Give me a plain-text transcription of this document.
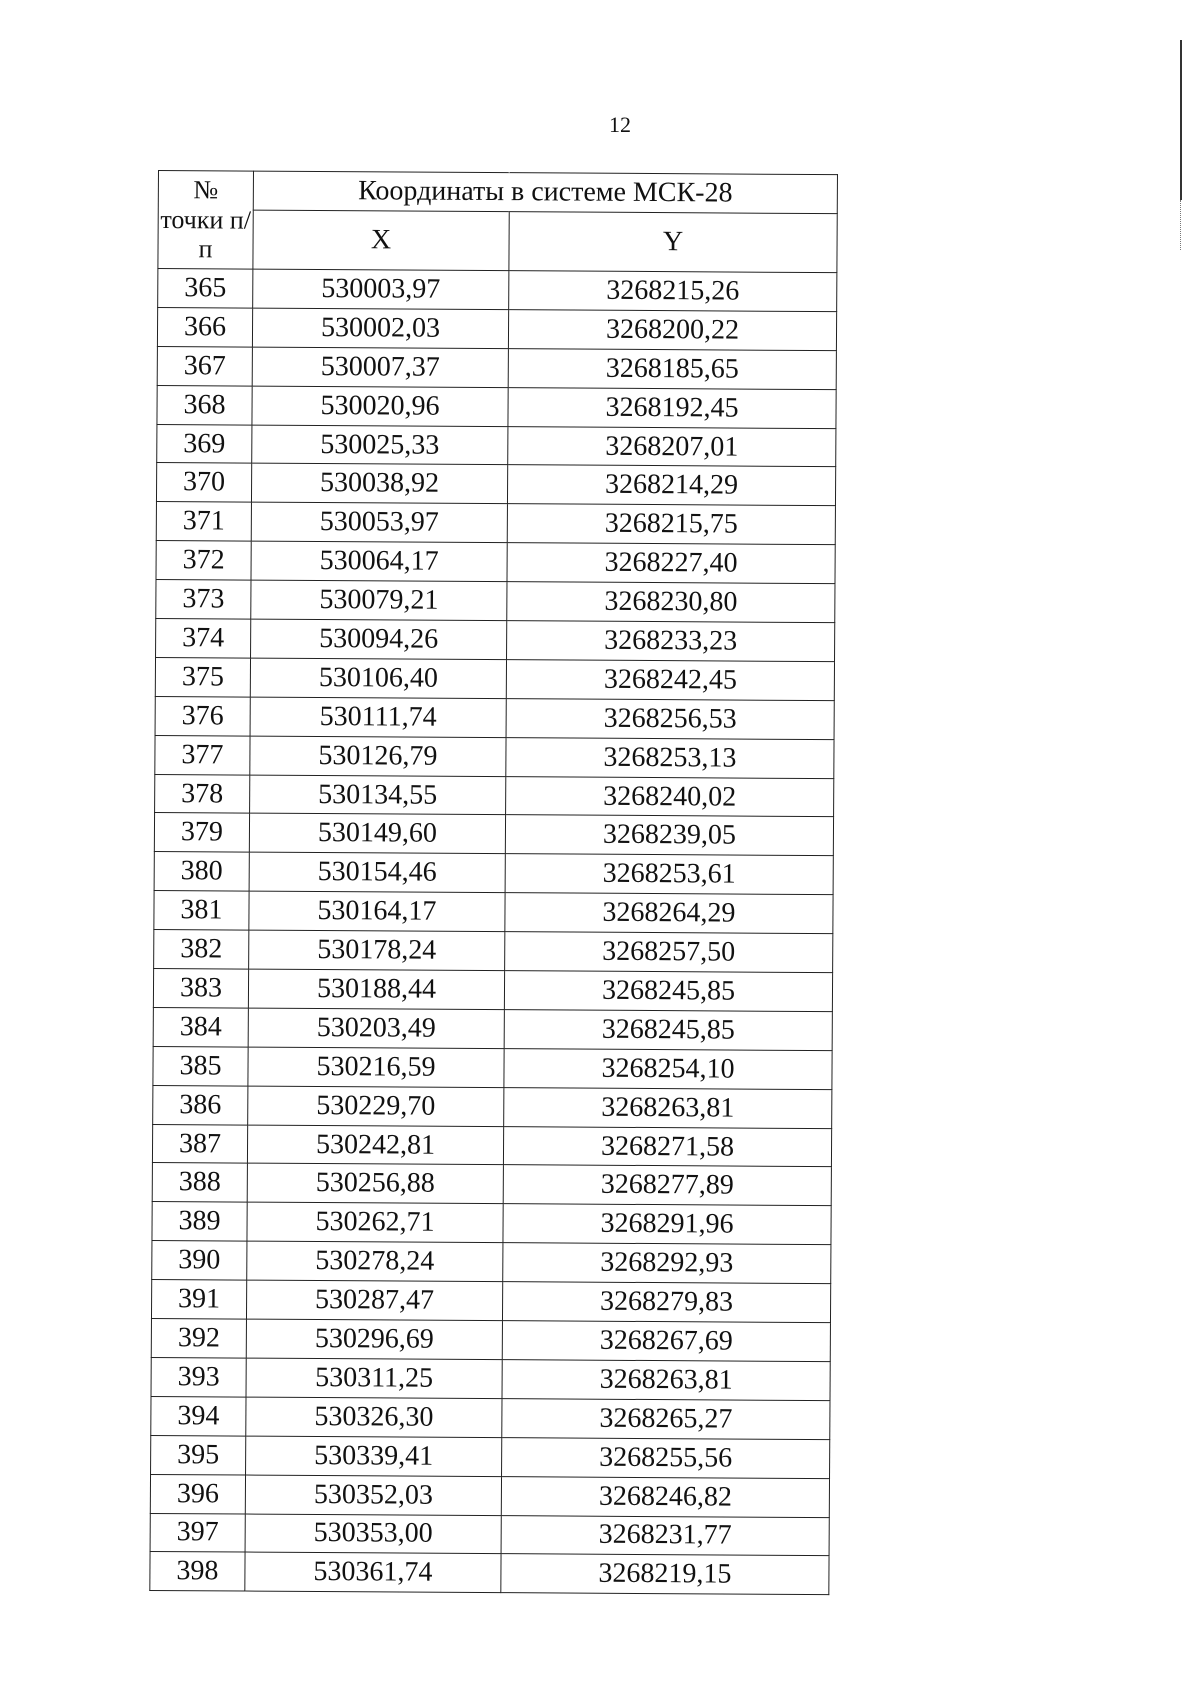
12
№ точки п/п	Координаты в системе МСК-28	
	X	Y
365	530003,97	3268215,26
366	530002,03	3268200,22
367	530007,37	3268185,65
368	530020,96	3268192,45
369	530025,33	3268207,01
370	530038,92	3268214,29
371	530053,97	3268215,75
372	530064,17	3268227,40
373	530079,21	3268230,80
374	530094,26	3268233,23
375	530106,40	3268242,45
376	530111,74	3268256,53
377	530126,79	3268253,13
378	530134,55	3268240,02
379	530149,60	3268239,05
380	530154,46	3268253,61
381	530164,17	3268264,29
382	530178,24	3268257,50
383	530188,44	3268245,85
384	530203,49	3268245,85
385	530216,59	3268254,10
386	530229,70	3268263,81
387	530242,81	3268271,58
388	530256,88	3268277,89
389	530262,71	3268291,96
390	530278,24	3268292,93
391	530287,47	3268279,83
392	530296,69	3268267,69
393	530311,25	3268263,81
394	530326,30	3268265,27
395	530339,41	3268255,56
396	530352,03	3268246,82
397	530353,00	3268231,77
398	530361,74	3268219,15
